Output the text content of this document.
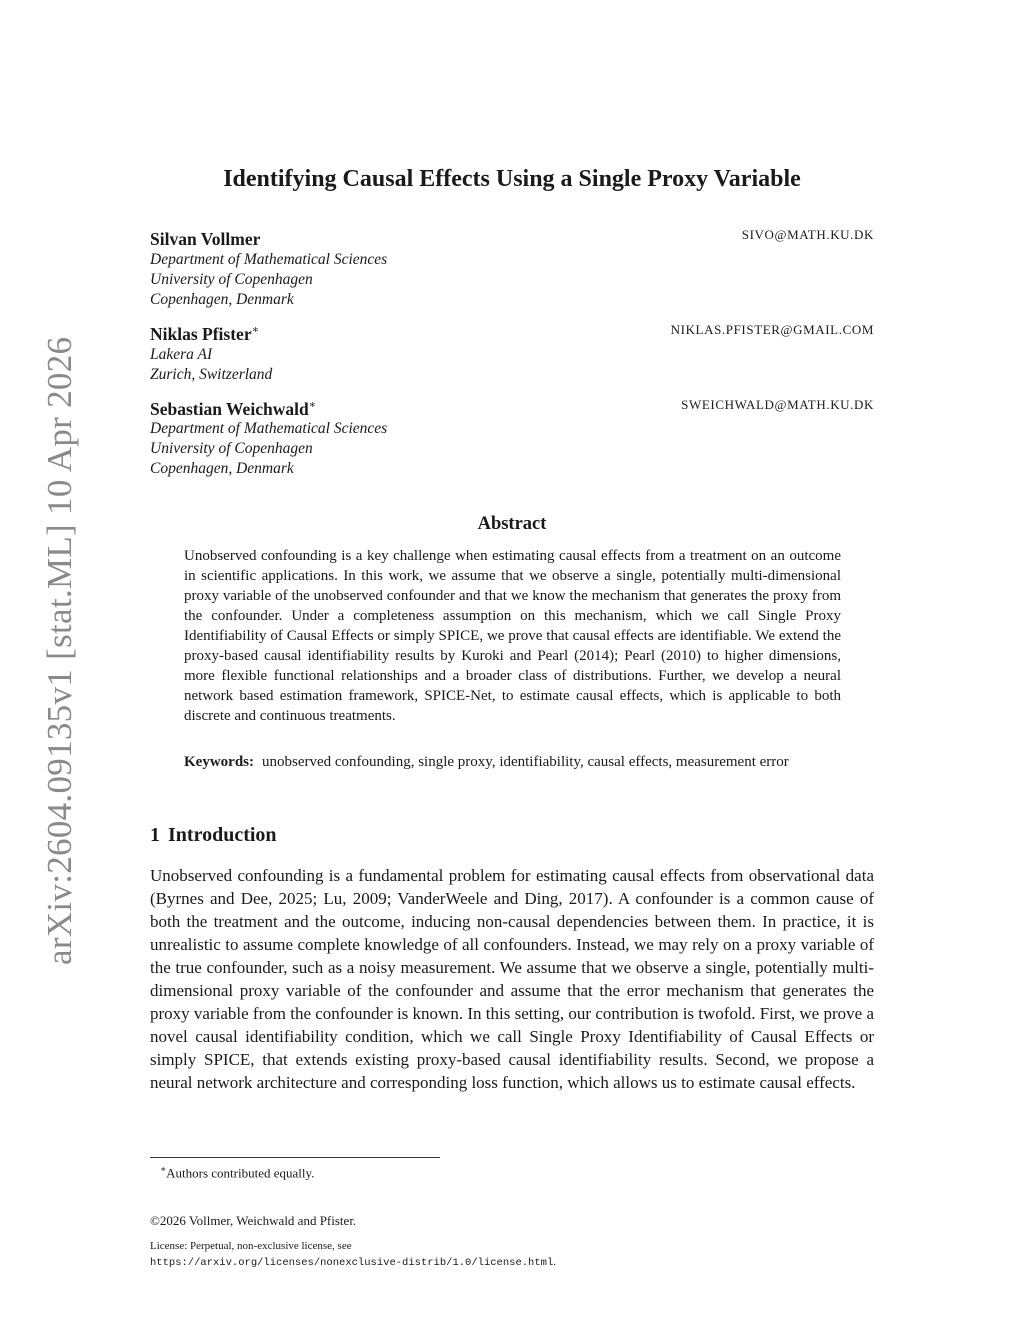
arXiv:2604.09135v1 [stat.ML] 10 Apr 2026
Identifying Causal Effects Using a Single Proxy Variable
Silvan Vollmer	SIVO@MATH.KU.DK
Department of Mathematical Sciences
University of Copenhagen
Copenhagen, Denmark
Niklas Pfister∗	NIKLAS.PFISTER@GMAIL.COM
Lakera AI
Zurich, Switzerland
Sebastian Weichwald∗	SWEICHWALD@MATH.KU.DK
Department of Mathematical Sciences
University of Copenhagen
Copenhagen, Denmark
Abstract

Unobserved confounding is a key challenge when estimating causal effects from a treatment on an outcome in scientific applications. In this work, we assume that we observe a single, potentially multi-dimensional proxy variable of the unobserved confounder and that we know the mechanism that generates the proxy from the confounder. Under a completeness assumption on this mechanism, which we call Single Proxy Identifiability of Causal Effects or simply SPICE, we prove that causal effects are identifiable. We extend the proxy-based causal identifiability results by Kuroki and Pearl (2014); Pearl (2010) to higher dimensions, more flexible functional relationships and a broader class of distributions. Further, we develop a neural network based estimation framework, SPICE-Net, to estimate causal effects, which is applicable to both discrete and continuous treatments.

Keywords: unobserved confounding, single proxy, identifiability, causal effects, measurement error

1 Introduction

Unobserved confounding is a fundamental problem for estimating causal effects from observational data (Byrnes and Dee, 2025; Lu, 2009; VanderWeele and Ding, 2017). A confounder is a common cause of both the treatment and the outcome, inducing non-causal dependencies between them. In practice, it is unrealistic to assume complete knowledge of all confounders. Instead, we may rely on a proxy variable of the true confounder, such as a noisy measurement. We assume that we observe a single, potentially multi-dimensional proxy variable of the confounder and assume that the error mechanism that generates the proxy variable from the confounder is known. In this setting, our contribution is twofold. First, we prove a novel causal identifiability condition, which we call Single Proxy Identifiability of Causal Effects or simply SPICE, that extends existing proxy-based causal identifiability results. Second, we propose a neural network architecture and corresponding loss function, which allows us to estimate causal effects.

∗Authors contributed equally.
©2026 Vollmer, Weichwald and Pfister.
License: Perpetual, non-exclusive license, see
https://arxiv.org/licenses/nonexclusive-distrib/1.0/license.html.
